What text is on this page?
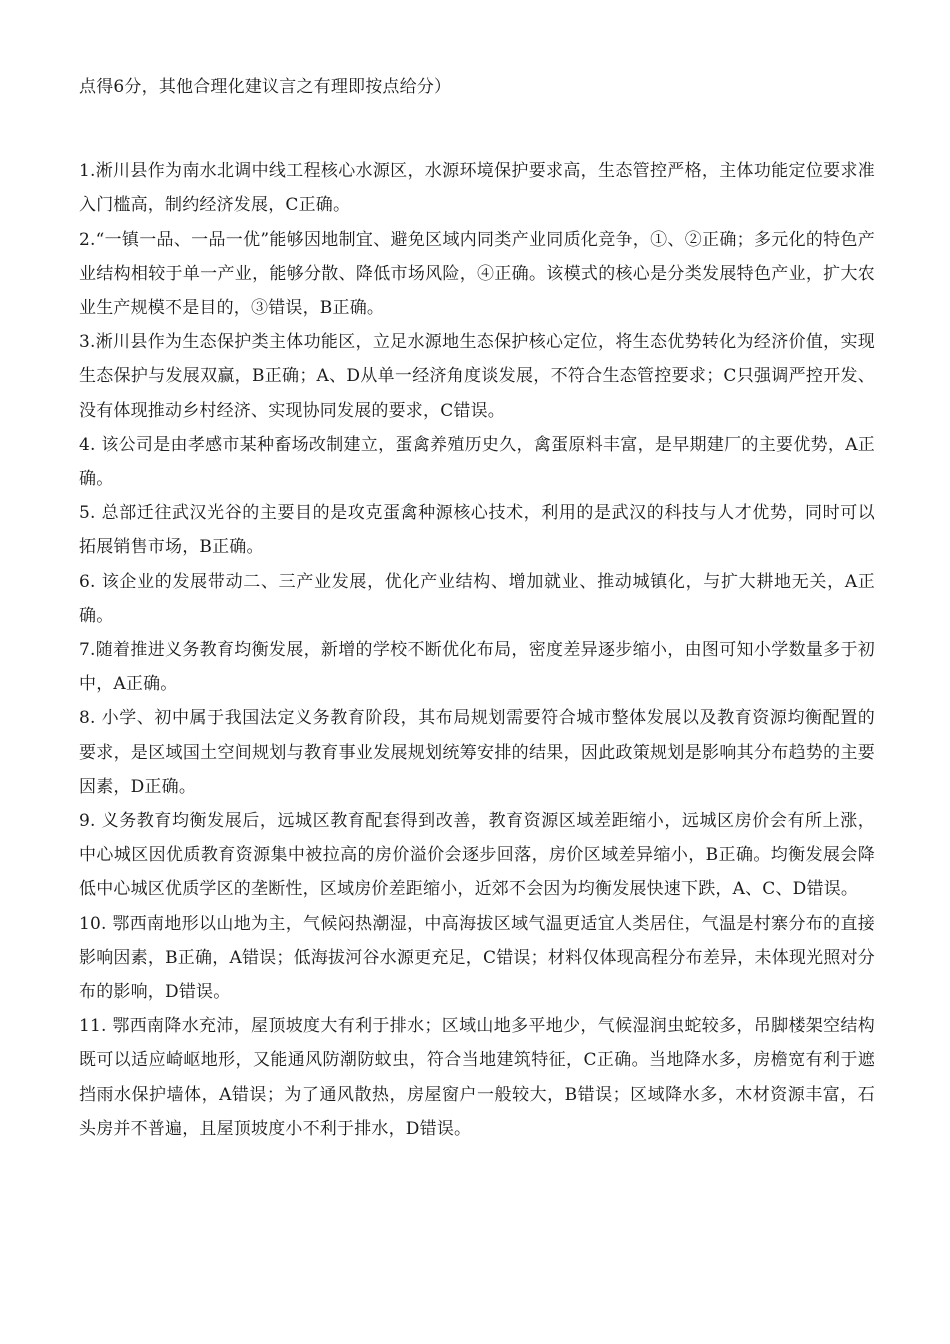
点得6分，其他合理化建议言之有理即按点给分）

1.淅川县作为南水北调中线工程核心水源区，水源环境保护要求高，生态管控严格，主体功能定位要求准入门槛高，制约经济发展，C正确。

2.“一镇一品、一品一优”能够因地制宜、避免区域内同类产业同质化竞争，①、②正确；多元化的特色产业结构相较于单一产业，能够分散、降低市场风险，④正确。该模式的核心是分类发展特色产业，扩大农业生产规模不是目的，③错误，B正确。

3.淅川县作为生态保护类主体功能区，立足水源地生态保护核心定位，将生态优势转化为经济价值，实现生态保护与发展双赢，B正确；A、D从单一经济角度谈发展，不符合生态管控要求；C只强调严控开发、没有体现推动乡村经济、实现协同发展的要求，C错误。

4. 该公司是由孝感市某种畜场改制建立，蛋禽养殖历史久，禽蛋原料丰富，是早期建厂的主要优势，A正确。

5. 总部迁往武汉光谷的主要目的是攻克蛋禽种源核心技术，利用的是武汉的科技与人才优势，同时可以拓展销售市场，B正确。

6. 该企业的发展带动二、三产业发展，优化产业结构、增加就业、推动城镇化，与扩大耕地无关，A正确。

7.随着推进义务教育均衡发展，新增的学校不断优化布局，密度差异逐步缩小，由图可知小学数量多于初中，A正确。

8. 小学、初中属于我国法定义务教育阶段，其布局规划需要符合城市整体发展以及教育资源均衡配置的要求，是区域国土空间规划与教育事业发展规划统筹安排的结果，因此政策规划是影响其分布趋势的主要因素，D正确。

9. 义务教育均衡发展后，远城区教育配套得到改善，教育资源区域差距缩小，远城区房价会有所上涨，中心城区因优质教育资源集中被拉高的房价溢价会逐步回落，房价区域差异缩小，B正确。均衡发展会降低中心城区优质学区的垄断性，区域房价差距缩小，近郊不会因为均衡发展快速下跌，A、C、D错误。

10. 鄂西南地形以山地为主，气候闷热潮湿，中高海拔区域气温更适宜人类居住，气温是村寨分布的直接影响因素，B正确，A错误；低海拔河谷水源更充足，C错误；材料仅体现高程分布差异，未体现光照对分布的影响，D错误。

11. 鄂西南降水充沛，屋顶坡度大有利于排水；区域山地多平地少，气候湿润虫蛇较多，吊脚楼架空结构既可以适应崎岖地形，又能通风防潮防蚊虫，符合当地建筑特征，C正确。当地降水多，房檐宽有利于遮挡雨水保护墙体，A错误；为了通风散热，房屋窗户一般较大，B错误；区域降水多，木材资源丰富，石头房并不普遍，且屋顶坡度小不利于排水，D错误。
